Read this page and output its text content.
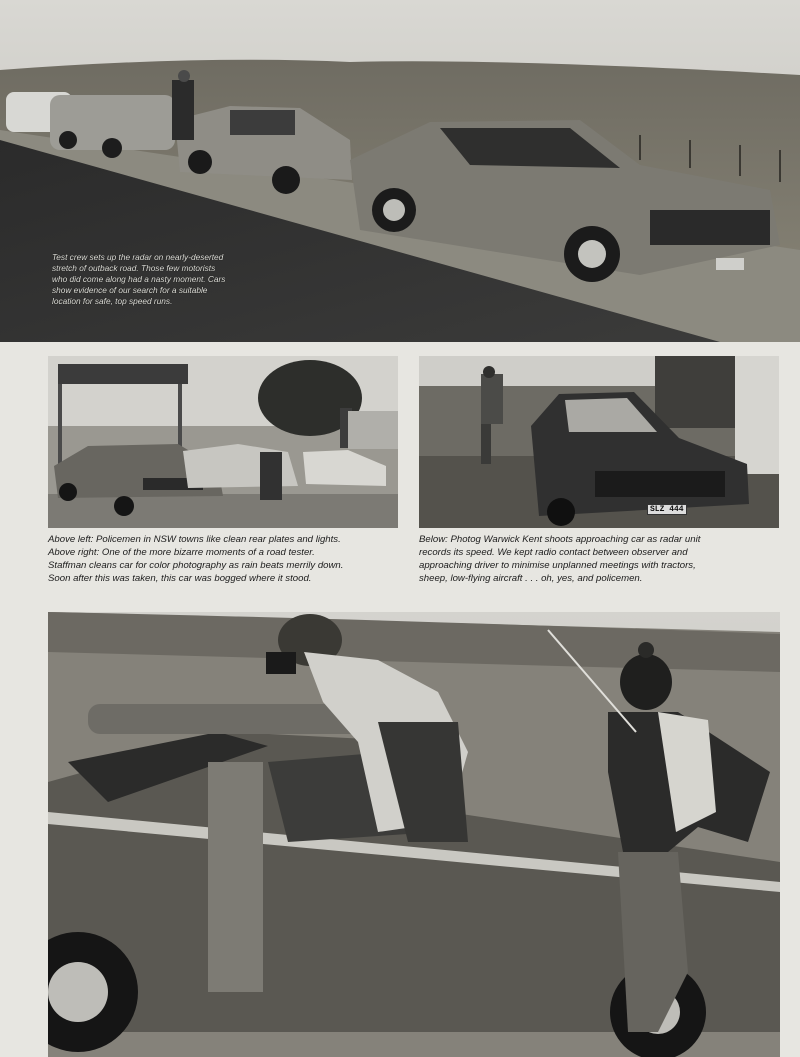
Test crew sets up the radar on nearly-deserted stretch of outback road. Those few motorists who did come along had a nasty moment. Cars show evidence of our search for a suitable location for safe, top speed runs.
SLZ 444
Above left: Policemen in NSW towns like clean rear plates and lights.
Above right: One of the more bizarre moments of a road tester.
Staffman cleans car for color photography as rain beats merrily down.
Soon after this was taken, this car was bogged where it stood.
Below: Photog Warwick Kent shoots approaching car as radar unit
records its speed. We kept radio contact between observer and
approaching driver to minimise unplanned meetings with tractors,
sheep, low-flying aircraft . . . oh, yes, and policemen.
